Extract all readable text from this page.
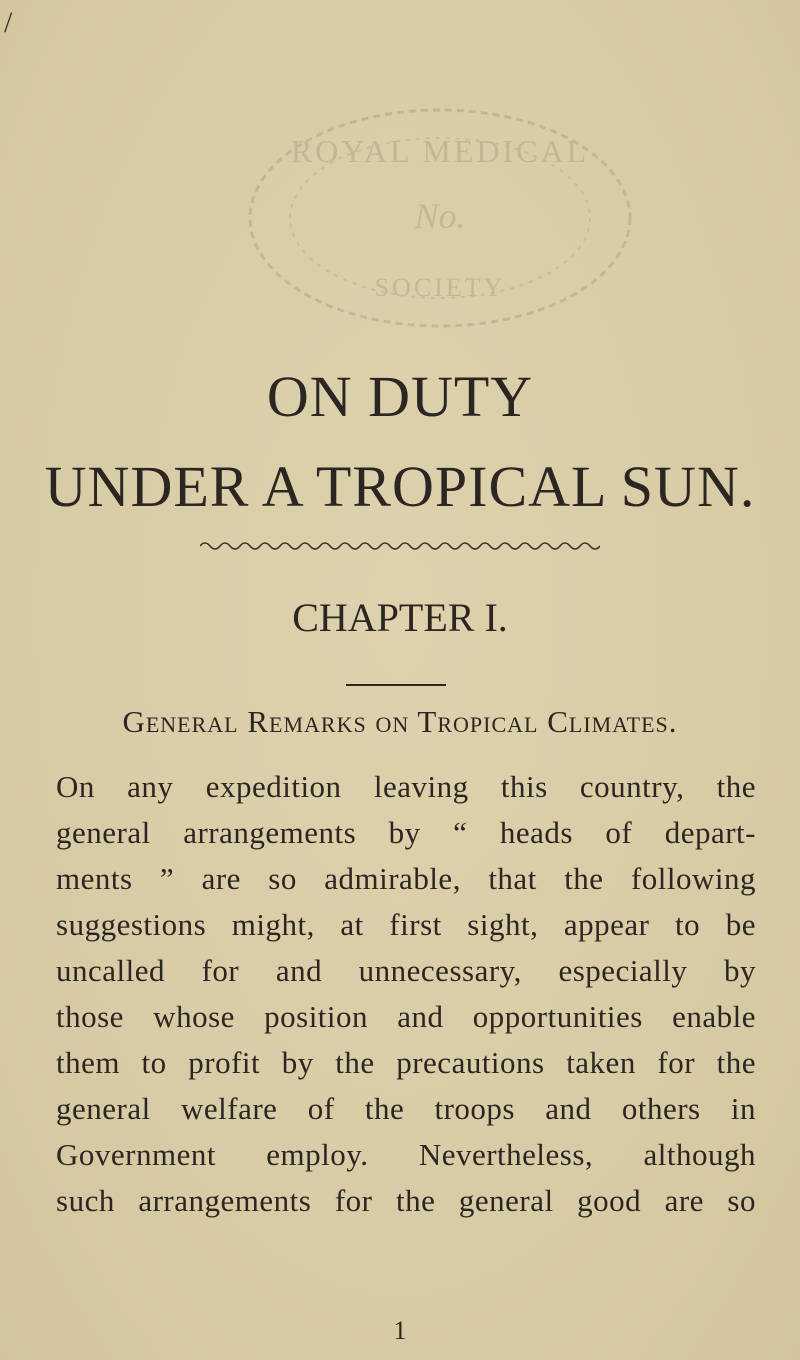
/
ROYAL MEDICAL
No.
SOCIETY
ON DUTY
UNDER A TROPICAL SUN.
CHAPTER I.
General Remarks on Tropical Climates.
On any expedition leaving this country, the
general arrangements by “ heads of depart-
ments ” are so admirable, that the following
suggestions might, at first sight, appear to be
uncalled for and unnecessary, especially by
those whose position and opportunities enable
them to profit by the precautions taken for the
general welfare of the troops and others in
Government employ. Nevertheless, although
such arrangements for the general good are so
1
